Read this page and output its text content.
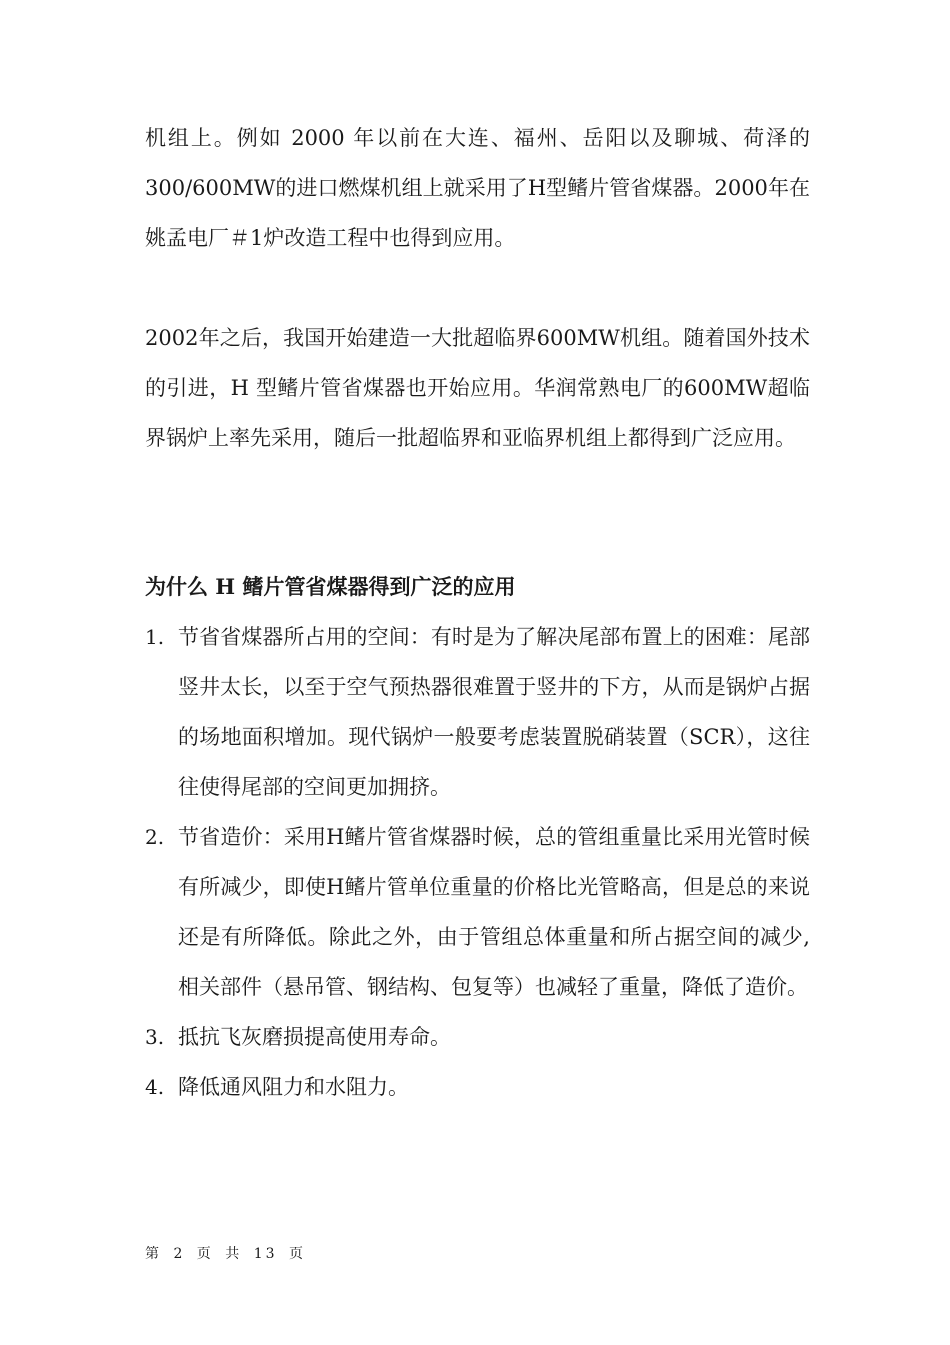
机组上。例如 2000 年以前在大连、福州、岳阳以及聊城、荷泽的300/600MW的进口燃煤机组上就采用了H型鳍片管省煤器。2000年在姚孟电厂＃1炉改造工程中也得到应用。

2002年之后，我国开始建造一大批超临界600MW机组。随着国外技术的引进，H 型鳍片管省煤器也开始应用。华润常熟电厂的600MW超临界锅炉上率先采用，随后一批超临界和亚临界机组上都得到广泛应用。

为什么 H 鳍片管省煤器得到广泛的应用
1. 节省省煤器所占用的空间：有时是为了解决尾部布置上的困难：尾部竖井太长，以至于空气预热器很难置于竖井的下方，从而是锅炉占据的场地面积增加。现代锅炉一般要考虑装置脱硝装置（SCR），这往往使得尾部的空间更加拥挤。
2. 节省造价：采用H鳍片管省煤器时候，总的管组重量比采用光管时候有所减少，即使H鳍片管单位重量的价格比光管略高，但是总的来说还是有所降低。除此之外，由于管组总体重量和所占据空间的减少,相关部件（悬吊管、钢结构、包复等）也减轻了重量，降低了造价。
3. 抵抗飞灰磨损提高使用寿命。
4. 降低通风阻力和水阻力。
第 2 页 共 13 页
